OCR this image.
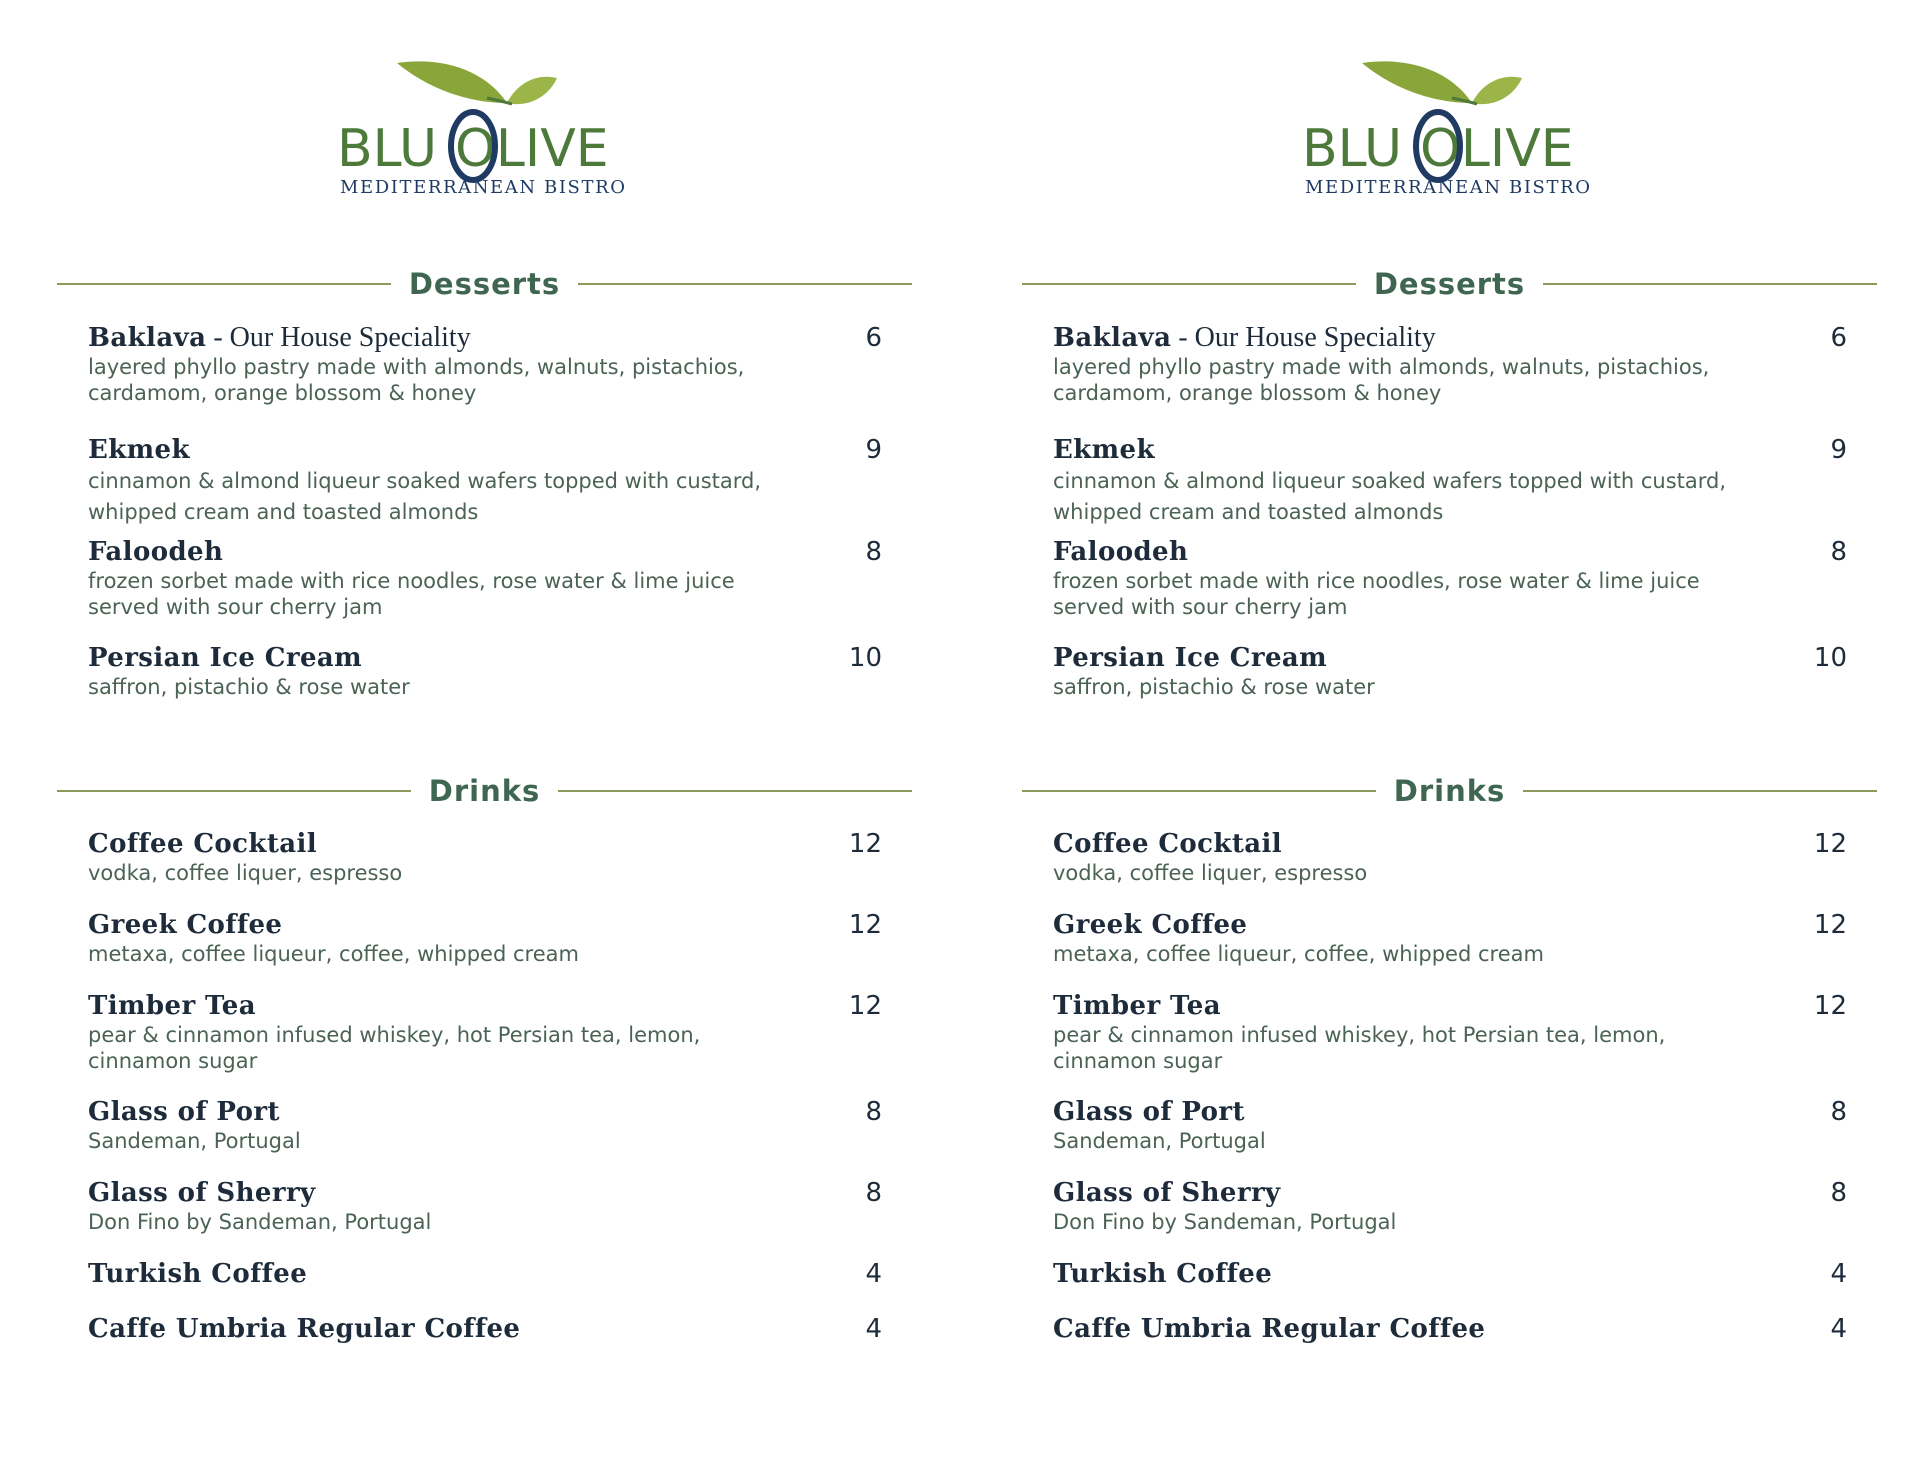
BLU OLIVE
MEDITERRANEAN BISTRO
Desserts
Baklava - Our House Speciality	6
layered phyllo pastry made with almonds, walnuts, pistachios,
cardamom, orange blossom & honey
Ekmek	9
cinnamon & almond liqueur soaked wafers topped with custard,
whipped cream and toasted almonds
Faloodeh	8
frozen sorbet made with rice noodles, rose water & lime juice
served with sour cherry jam
Persian Ice Cream	10
saffron, pistachio & rose water
Drinks
Coffee Cocktail	12
vodka, coffee liquer, espresso
Greek Coffee	12
metaxa, coffee liqueur, coffee, whipped cream
Timber Tea	12
pear & cinnamon infused whiskey, hot Persian tea, lemon,
cinnamon sugar
Glass of Port	8
Sandeman, Portugal
Glass of Sherry	8
Don Fino by Sandeman, Portugal
Turkish Coffee	4
Caffe Umbria Regular Coffee	4
BLU OLIVE
MEDITERRANEAN BISTRO
Desserts
Baklava - Our House Speciality	6
layered phyllo pastry made with almonds, walnuts, pistachios,
cardamom, orange blossom & honey
Ekmek	9
cinnamon & almond liqueur soaked wafers topped with custard,
whipped cream and toasted almonds
Faloodeh	8
frozen sorbet made with rice noodles, rose water & lime juice
served with sour cherry jam
Persian Ice Cream	10
saffron, pistachio & rose water
Drinks
Coffee Cocktail	12
vodka, coffee liquer, espresso
Greek Coffee	12
metaxa, coffee liqueur, coffee, whipped cream
Timber Tea	12
pear & cinnamon infused whiskey, hot Persian tea, lemon,
cinnamon sugar
Glass of Port	8
Sandeman, Portugal
Glass of Sherry	8
Don Fino by Sandeman, Portugal
Turkish Coffee	4
Caffe Umbria Regular Coffee	4
